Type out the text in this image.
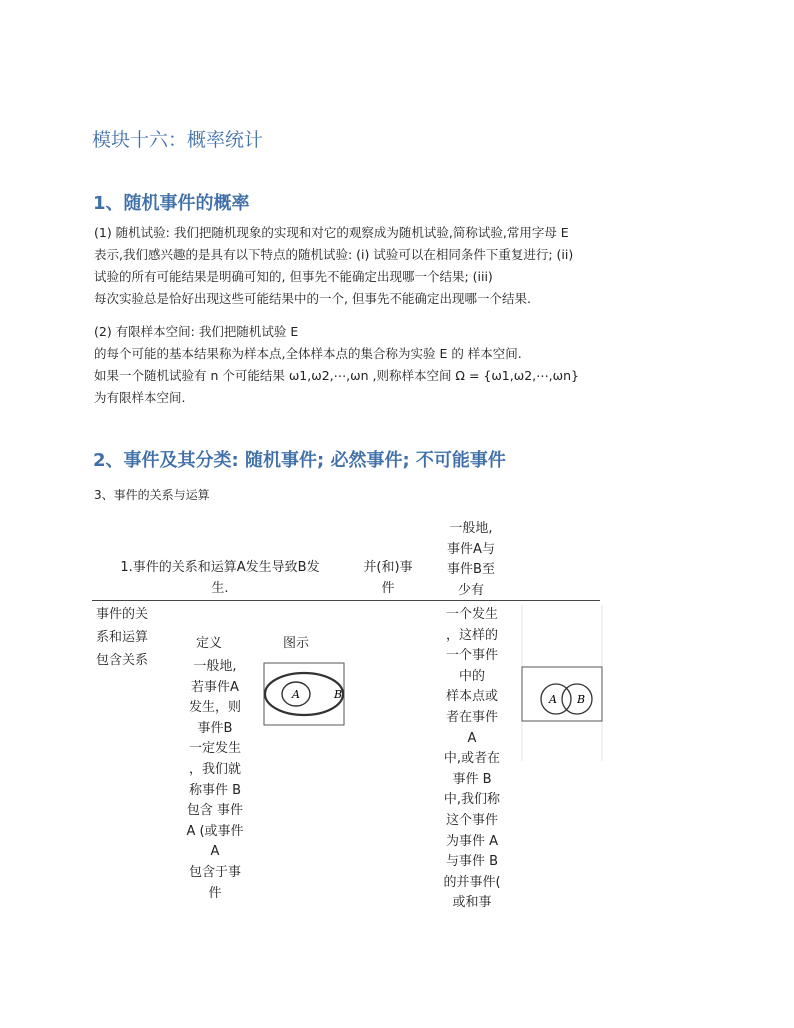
模块十六：概率统计
1、随机事件的概率
(1) 随机试验: 我们把随机现象的实现和对它的观察成为随机试验,简称试验,常用字母 E
表示,我们感兴趣的是具有以下特点的随机试验: (i) 试验可以在相同条件下重复进行; (ii)
试验的所有可能结果是明确可知的, 但事先不能确定出现哪一个结果; (iii)
每次实验总是恰好出现这些可能结果中的一个, 但事先不能确定出现哪一个结果.
(2) 有限样本空间: 我们把随机试验 E
的每个可能的基本结果称为样本点,全体样本点的集合称为实验 E 的 样本空间.
如果一个随机试验有 n 个可能结果 ω1,ω2,⋯,ωn ,则称样本空间 Ω = {ω1,ω2,⋯,ωn}
为有限样本空间.
2、事件及其分类: 随机事件; 必然事件; 不可能事件
3、事件的关系与运算
1.事件的关系和运算A发生导致B发
生.
并(和)事
件
一般地,
事件A与
事件B至
少有
事件的关
系和运算
包含关系
定义	图示
一般地,
若事件A
发生，则
事件B
一定发生
，我们就
称事件 B
包含 事件
A (或事件
A
包含于事
件
A	B
一个发生
，这样的
一个事件
中的
样本点或
者在事件
A
中,或者在
事件 B
中,我们称
这个事件
为事件 A
与事件 B
的并事件(
或和事
A B
